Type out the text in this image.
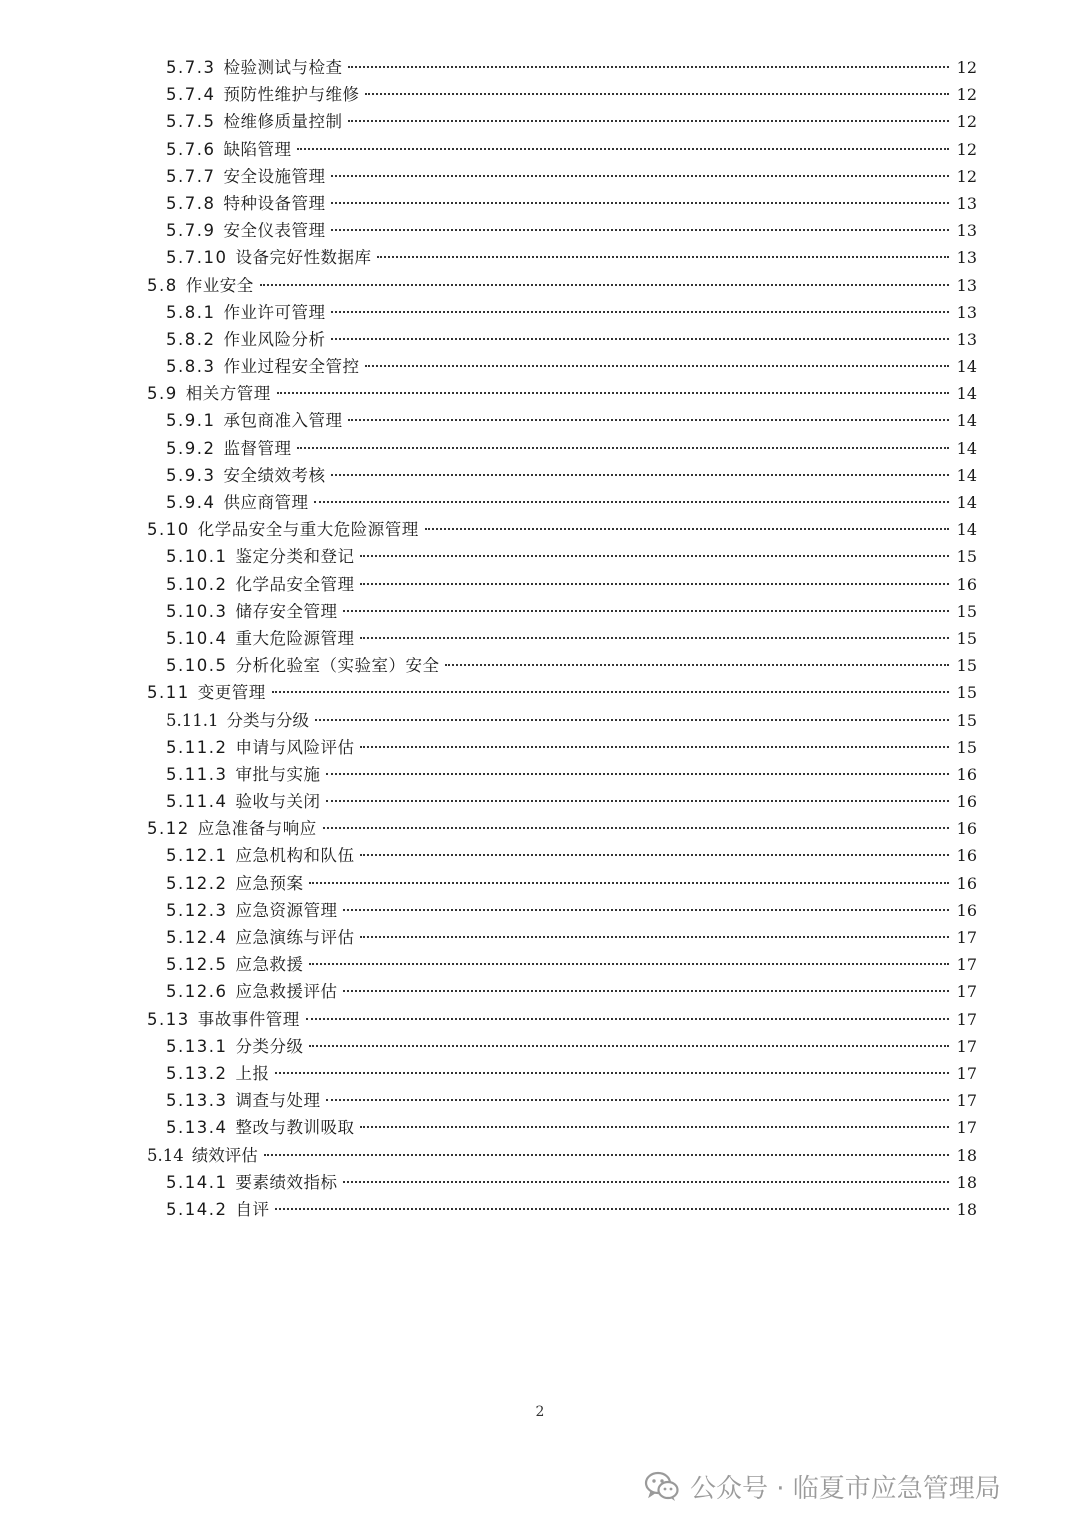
5.7.3 检验测试与检查	12
5.7.4 预防性维护与维修	12
5.7.5 检维修质量控制	12
5.7.6 缺陷管理	12
5.7.7 安全设施管理	12
5.7.8 特种设备管理	13
5.7.9 安全仪表管理	13
5.7.10 设备完好性数据库	13
5.8 作业安全	13
5.8.1 作业许可管理	13
5.8.2 作业风险分析	13
5.8.3 作业过程安全管控	14
5.9 相关方管理	14
5.9.1 承包商准入管理	14
5.9.2 监督管理	14
5.9.3 安全绩效考核	14
5.9.4 供应商管理	14
5.10 化学品安全与重大危险源管理	14
5.10.1 鉴定分类和登记	15
5.10.2 化学品安全管理	16
5.10.3 储存安全管理	15
5.10.4 重大危险源管理	15
5.10.5 分析化验室（实验室）安全	15
5.11 变更管理	15
5.11.1 分类与分级	15
5.11.2 申请与风险评估	15
5.11.3 审批与实施	16
5.11.4 验收与关闭	16
5.12 应急准备与响应	16
5.12.1 应急机构和队伍	16
5.12.2 应急预案	16
5.12.3 应急资源管理	16
5.12.4 应急演练与评估	17
5.12.5 应急救援	17
5.12.6 应急救援评估	17
5.13 事故事件管理	17
5.13.1 分类分级	17
5.13.2 上报	17
5.13.3 调查与处理	17
5.13.4 整改与教训吸取	17
5.14 绩效评估	18
5.14.1 要素绩效指标	18
5.14.2 自评	18
2
公众号 · 临夏市应急管理局
